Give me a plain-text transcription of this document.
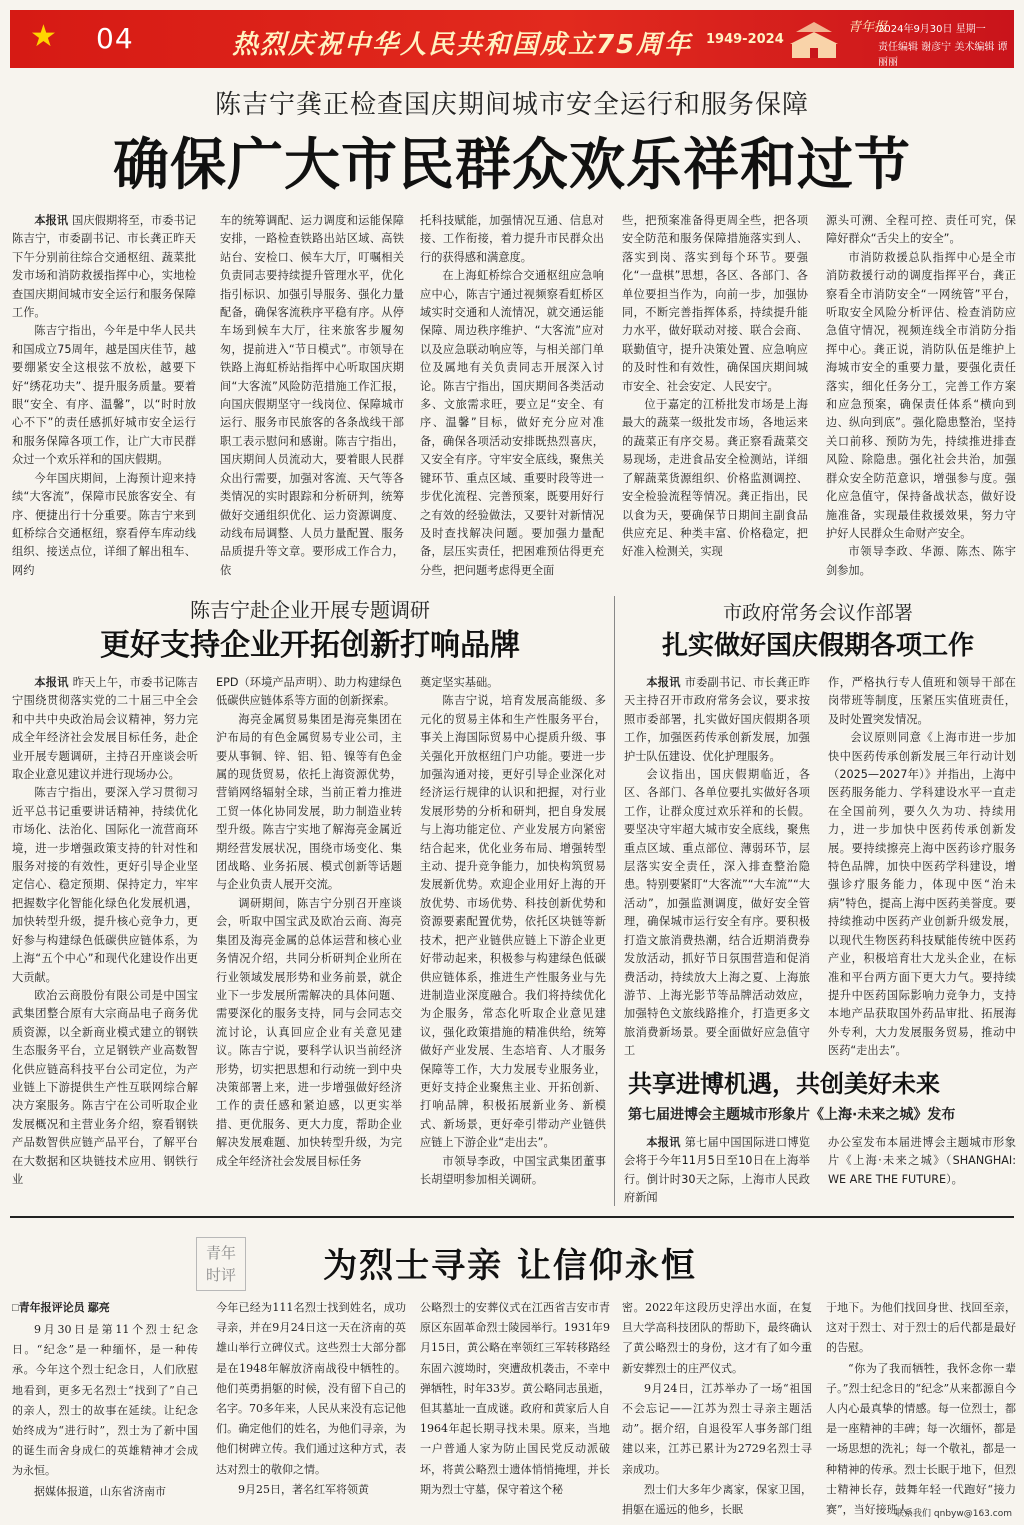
★ 04	热烈庆祝中华人民共和国成立75周年 1949-2024
青年报
2024年9月30日 星期一
责任编辑 谢彦宁 美术编辑 谭丽丽
陈吉宁龚正检查国庆期间城市安全运行和服务保障
确保广大市民群众欢乐祥和过节

本报讯 国庆假期将至，市委书记陈吉宁，市委副书记、市长龚正昨天下午分别前往综合交通枢纽、蔬菜批发市场和消防救援指挥中心，实地检查国庆期间城市安全运行和服务保障工作。

陈吉宁指出，今年是中华人民共和国成立75周年，越是国庆佳节，越要绷紧安全这根弦不放松，越要下好“绣花功夫”、提升服务质量。要着眼“安全、有序、温馨”，以“时时放心不下”的责任感抓好城市安全运行和服务保障各项工作，让广大市民群众过一个欢乐祥和的国庆假期。

今年国庆期间，上海预计迎来持续“大客流”，保障市民旅客安全、有序、便捷出行十分重要。陈吉宁来到虹桥综合交通枢纽，察看停车库动线组织、接送点位，详细了解出租车、网约

车的统筹调配、运力调度和运能保障安排，一路检查铁路出站区域、高铁站台、安检口、候车大厅，叮嘱相关负责同志要持续提升管理水平，优化指引标识、加强引导服务、强化力量配备，确保客流秩序平稳有序。从停车场到候车大厅，往来旅客步履匆匆，提前进入“节日模式”。市领导在铁路上海虹桥站指挥中心听取国庆期间“大客流”风险防范措施工作汇报，向国庆假期坚守一线岗位、保障城市运行、服务市民旅客的各条战线干部职工表示慰问和感谢。陈吉宁指出，国庆期间人员流动大，要着眼人民群众出行需要，加强对客流、天气等各类情况的实时跟踪和分析研判，统筹做好交通组织优化、运力资源调度、动线布局调整、人员力量配置、服务品质提升等文章。要形成工作合力，依

托科技赋能，加强情况互通、信息对接、工作衔接，着力提升市民群众出行的获得感和满意度。

在上海虹桥综合交通枢纽应急响应中心，陈吉宁通过视频察看虹桥区域实时交通和人流情况，就交通运能保障、周边秩序维护、“大客流”应对以及应急联动响应等，与相关部门单位及属地有关负责同志开展深入讨论。陈吉宁指出，国庆期间各类活动多、文旅需求旺，要立足“安全、有序、温馨”目标，做好充分应对准备，确保各项活动安排既热烈喜庆，又安全有序。守牢安全底线，聚焦关键环节、重点区域、重要时段等进一步优化流程、完善预案，既要用好行之有效的经验做法，又要针对新情况及时查找解决问题。要加强力量配备，层压实责任，把困难预估得更充分些，把问题考虑得更全面

些，把预案准备得更周全些，把各项安全防范和服务保障措施落实到人、落实到岗、落实到每个环节。要强化“一盘棋”思想，各区、各部门、各单位要担当作为，向前一步，加强协同，不断完善指挥体系，持续提升能力水平，做好联动对接、联合会商、联勤值守，提升决策处置、应急响应的及时性和有效性，确保国庆期间城市安全、社会安定、人民安宁。

位于嘉定的江桥批发市场是上海最大的蔬菜一级批发市场，各地运来的蔬菜正有序交易。龚正察看蔬菜交易现场，走进食品安全检测站，详细了解蔬菜货源组织、价格监测调控、安全检验流程等情况。龚正指出，民以食为天，要确保节日期间主副食品供应充足、种类丰富、价格稳定，把好准入检测关，实现

源头可溯、全程可控、责任可究，保障好群众“舌尖上的安全”。

市消防救援总队指挥中心是全市消防救援行动的调度指挥平台，龚正察看全市消防安全“一网统管”平台，听取安全风险分析评估、检查消防应急值守情况，视频连线全市消防分指挥中心。龚正说，消防队伍是维护上海城市安全的重要力量，要强化责任落实，细化任务分工，完善工作方案和应急预案，确保责任体系“横向到边、纵向到底”。强化隐患整治，坚持关口前移、预防为先，持续推进排查风险、除隐患。强化社会共治，加强群众安全防范意识，增强参与度。强化应急值守，保持备战状态，做好设施准备，实现最佳救援效果，努力守护好人民群众生命财产安全。

市领导李政、华源、陈杰、陈宇剑参加。

陈吉宁赴企业开展专题调研
更好支持企业开拓创新打响品牌

本报讯 昨天上午，市委书记陈吉宁围绕贯彻落实党的二十届三中全会和中共中央政治局会议精神，努力完成全年经济社会发展目标任务，赴企业开展专题调研，主持召开座谈会听取企业意见建议并进行现场办公。

陈吉宁指出，要深入学习贯彻习近平总书记重要讲话精神，持续优化市场化、法治化、国际化一流营商环境，进一步增强政策支持的针对性和服务对接的有效性，更好引导企业坚定信心、稳定预期、保持定力，牢牢把握数字化智能化绿色化发展机遇，加快转型升级，提升核心竞争力，更好参与构建绿色低碳供应链体系，为上海“五个中心”和现代化建设作出更大贡献。

欧冶云商股份有限公司是中国宝武集团整合原有大宗商品电子商务优质资源，以全新商业模式建立的钢铁生态服务平台，立足钢铁产业高数智化供应链高科技平台公司定位，为产业链上下游提供生产性互联网综合解决方案服务。陈吉宁在公司听取企业发展概况和主营业务介绍，察看钢铁产品数智供应链产品平台，了解平台在大数据和区块链技术应用、钢铁行业

EPD（环境产品声明）、助力构建绿色低碳供应链体系等方面的创新探索。

海亮金属贸易集团是海亮集团在沪布局的有色金属贸易专业公司，主要从事铜、锌、铝、铅、镍等有色金属的现货贸易，依托上海资源优势，营销网络辐射全球，当前正着力推进工贸一体化协同发展，助力制造业转型升级。陈吉宁实地了解海亮金属近期经营发展状况，围绕市场变化、集团战略、业务拓展、模式创新等话题与企业负责人展开交流。

调研期间，陈吉宁分别召开座谈会，听取中国宝武及欧冶云商、海亮集团及海亮金属的总体运营和核心业务情况介绍，共同分析研判企业所在行业领域发展形势和业务前景，就企业下一步发展所需解决的具体问题、需要深化的服务支持，同与会同志交流讨论，认真回应企业有关意见建议。陈吉宁说，要科学认识当前经济形势，切实把思想和行动统一到中央决策部署上来，进一步增强做好经济工作的责任感和紧迫感，以更实举措、更优服务、更大力度，帮助企业解决发展难题、加快转型升级，为完成全年经济社会发展目标任务

奠定坚实基础。

陈吉宁说，培育发展高能级、多元化的贸易主体和生产性服务平台，事关上海国际贸易中心提质升级、事关强化开放枢纽门户功能。要进一步加强沟通对接，更好引导企业深化对经济运行规律的认识和把握，对行业发展形势的分析和研判，把自身发展与上海功能定位、产业发展方向紧密结合起来，优化业务布局、增强转型主动、提升竞争能力，加快构筑贸易发展新优势。欢迎企业用好上海的开放优势、市场优势、科技创新优势和资源要素配置优势，依托区块链等新技术，把产业链供应链上下游企业更好带动起来，积极参与构建绿色低碳供应链体系，推进生产性服务业与先进制造业深度融合。我们将持续优化为企服务，常态化听取企业意见建议，强化政策措施的精准供给，统筹做好产业发展、生态培育、人才服务保障等工作，大力发展专业服务业，更好支持企业聚焦主业、开拓创新、打响品牌，积极拓展新业务、新模式、新场景，更好牵引带动产业链供应链上下游企业“走出去”。

市领导李政，中国宝武集团董事长胡望明参加相关调研。

市政府常务会议作部署
扎实做好国庆假期各项工作

本报讯 市委副书记、市长龚正昨天主持召开市政府常务会议，要求按照市委部署，扎实做好国庆假期各项工作，加强医药传承创新发展，加强护士队伍建设、优化护理服务。

会议指出，国庆假期临近，各区、各部门、各单位要扎实做好各项工作，让群众度过欢乐祥和的长假。要坚决守牢超大城市安全底线，聚焦重点区域、重点部位、薄弱环节，层层落实安全责任，深入排查整治隐患。特别要紧盯“大客流”“大车流”“大活动”，加强监测调度，做好安全管理，确保城市运行安全有序。要积极打造文旅消费热潮，结合近期消费券发放活动，抓好节日氛围营造和促消费活动，持续放大上海之夏、上海旅游节、上海光影节等品牌活动效应，加强特色文旅线路推介，打造更多文旅消费新场景。要全面做好应急值守工

作，严格执行专人值班和领导干部在岗带班等制度，压紧压实值班责任，及时处置突发情况。

会议原则同意《上海市进一步加快中医药传承创新发展三年行动计划（2025—2027年）》并指出，上海中医药服务能力、学科建设水平一直走在全国前列，要久久为功、持续用力，进一步加快中医药传承创新发展。要持续擦亮上海中医药诊疗服务特色品牌，加快中医药学科建设，增强诊疗服务能力，体现中医“治未病”特色，提高上海中医药美誉度。要持续推动中医药产业创新升级发展，以现代生物医药科技赋能传统中医药产业，积极培育壮大龙头企业，在标准和平台两方面下更大力气。要持续提升中医药国际影响力竞争力，支持本地产品获取国外药品审批、拓展海外专利，大力发展服务贸易，推动中医药“走出去”。

共享进博机遇，共创美好未来
第七届进博会主题城市形象片《上海·未来之城》发布

本报讯 第七届中国国际进口博览会将于今年11月5日至10日在上海举行。倒计时30天之际，上海市人民政府新闻

办公室发布本届进博会主题城市形象片《上海·未来之城》（SHANGHAI: WE ARE THE FUTURE）。

青年
时评	为烈士寻亲 让信仰永恒
□青年报评论员 鄢亮

9月30日是第11个烈士纪念日。“纪念”是一种缅怀，是一种传承。今年这个烈士纪念日，人们欣慰地看到，更多无名烈士“找到了”自己的亲人，烈士的故事在延续。让纪念始终成为“进行时”，烈士为了新中国的诞生而舍身成仁的英雄精神才会成为永恒。

据媒体报道，山东省济南市

今年已经为111名烈士找到姓名，成功寻亲，并在9月24日这一天在济南的英雄山举行立碑仪式。这些烈士大部分都是在1948年解放济南战役中牺牲的。他们英勇捐躯的时候，没有留下自己的名字。70多年来，人民从来没有忘记他们。确定他们的姓名，为他们寻亲，为他们树碑立传。我们通过这种方式，表达对烈士的敬仰之情。

9月25日，著名红军将领黄

公略烈士的安葬仪式在江西省吉安市青原区东固革命烈士陵园举行。1931年9月15日，黄公略在率领红三军转移路经东固六渡坳时，突遭敌机袭击，不幸中弹牺牲，时年33岁。黄公略同志虽逝，但其墓址一直成谜。政府和黄家后人自1964年起长期寻找未果。原来，当地一户普通人家为防止国民党反动派破坏，将黄公略烈士遗体悄悄掩埋，并长期为烈士守墓，保守着这个秘

密。2022年这段历史浮出水面，在复旦大学高科技团队的帮助下，最终确认了黄公略烈士的身份，这才有了如今重新安葬烈士的庄严仪式。

9月24日，江苏举办了一场“祖国不会忘记——江苏为烈士寻亲主题活动”。据介绍，自退役军人事务部门组建以来，江苏已累计为2729名烈士寻亲成功。

烈士们大多年少离家，保家卫国，捐躯在遥远的他乡，长眠

于地下。为他们找回身世、找回至亲，这对于烈士、对于烈士的后代都是最好的告慰。

“你为了我而牺牲，我怀念你一辈子。”烈士纪念日的“纪念”从来都源自今人内心最真挚的情感。每一位烈士，都是一座精神的丰碑；每一次缅怀，都是一场思想的洗礼；每一个敬礼，都是一种精神的传承。烈士长眠于地下，但烈士精神长存，鼓舞年轻一代跑好“接力赛”，当好接班人。

联系我们 qnbyw@163.com
